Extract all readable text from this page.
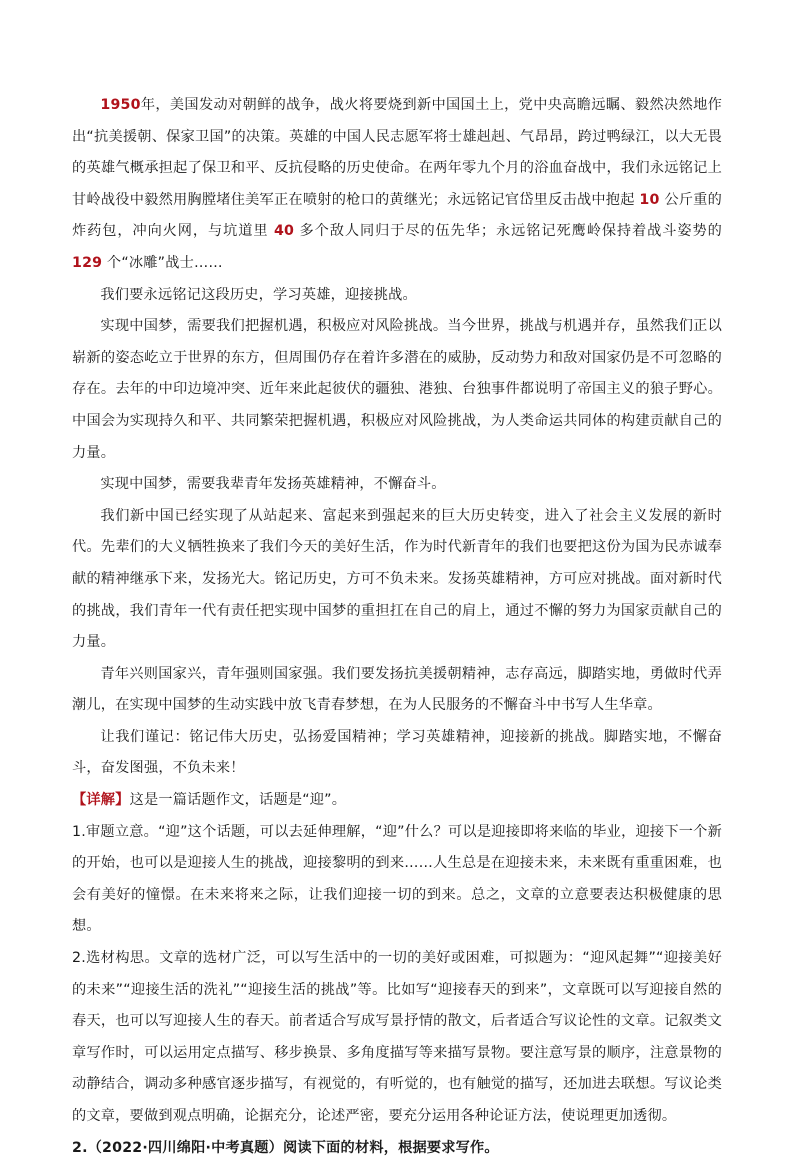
1950年，美国发动对朝鲜的战争，战火将要烧到新中国国土上，党中央高瞻远瞩、毅然决然地作出“抗美援朝、保家卫国”的决策。英雄的中国人民志愿军将士雄赳赳、气昂昂，跨过鸭绿江，以大无畏的英雄气概承担起了保卫和平、反抗侵略的历史使命。在两年零九个月的浴血奋战中，我们永远铭记上甘岭战役中毅然用胸膛堵住美军正在喷射的枪口的黄继光；永远铭记官岱里反击战中抱起 10 公斤重的炸药包，冲向火网，与坑道里 40 多个敌人同归于尽的伍先华；永远铭记死鹰岭保持着战斗姿势的 129 个“冰雕”战士……

我们要永远铭记这段历史，学习英雄，迎接挑战。

实现中国梦，需要我们把握机遇，积极应对风险挑战。当今世界，挑战与机遇并存，虽然我们正以崭新的姿态屹立于世界的东方，但周围仍存在着许多潜在的威胁，反动势力和敌对国家仍是不可忽略的存在。去年的中印边境冲突、近年来此起彼伏的疆独、港独、台独事件都说明了帝国主义的狼子野心。中国会为实现持久和平、共同繁荣把握机遇，积极应对风险挑战，为人类命运共同体的构建贡献自己的力量。

实现中国梦，需要我辈青年发扬英雄精神，不懈奋斗。

我们新中国已经实现了从站起来、富起来到强起来的巨大历史转变，进入了社会主义发展的新时代。先辈们的大义牺牲换来了我们今天的美好生活，作为时代新青年的我们也要把这份为国为民赤诚奉献的精神继承下来，发扬光大。铭记历史，方可不负未来。发扬英雄精神，方可应对挑战。面对新时代的挑战，我们青年一代有责任把实现中国梦的重担扛在自己的肩上，通过不懈的努力为国家贡献自己的力量。

青年兴则国家兴，青年强则国家强。我们要发扬抗美援朝精神，志存高远，脚踏实地，勇做时代弄潮儿，在实现中国梦的生动实践中放飞青春梦想，在为人民服务的不懈奋斗中书写人生华章。

让我们谨记：铭记伟大历史，弘扬爱国精神；学习英雄精神，迎接新的挑战。脚踏实地，不懈奋斗，奋发图强，不负未来！

【详解】这是一篇话题作文，话题是“迎”。

1.审题立意。“迎”这个话题，可以去延伸理解，“迎”什么？可以是迎接即将来临的毕业，迎接下一个新的开始，也可以是迎接人生的挑战，迎接黎明的到来……人生总是在迎接未来，未来既有重重困难，也会有美好的憧憬。在未来将来之际，让我们迎接一切的到来。总之，文章的立意要表达积极健康的思想。

2.选材构思。文章的选材广泛，可以写生活中的一切的美好或困难，可拟题为：“迎风起舞”“迎接美好的未来”“迎接生活的洗礼”“迎接生活的挑战”等。比如写“迎接春天的到来”，文章既可以写迎接自然的春天，也可以写迎接人生的春天。前者适合写成写景抒情的散文，后者适合写议论性的文章。记叙类文章写作时，可以运用定点描写、移步换景、多角度描写等来描写景物。要注意写景的顺序，注意景物的动静结合，调动多种感官逐步描写，有视觉的，有听觉的，也有触觉的描写，还加进去联想。写议论类的文章，要做到观点明确，论据充分，论述严密，要充分运用各种论证方法，使说理更加透彻。

2.（2022·四川绵阳·中考真题）阅读下面的材料，根据要求写作。
